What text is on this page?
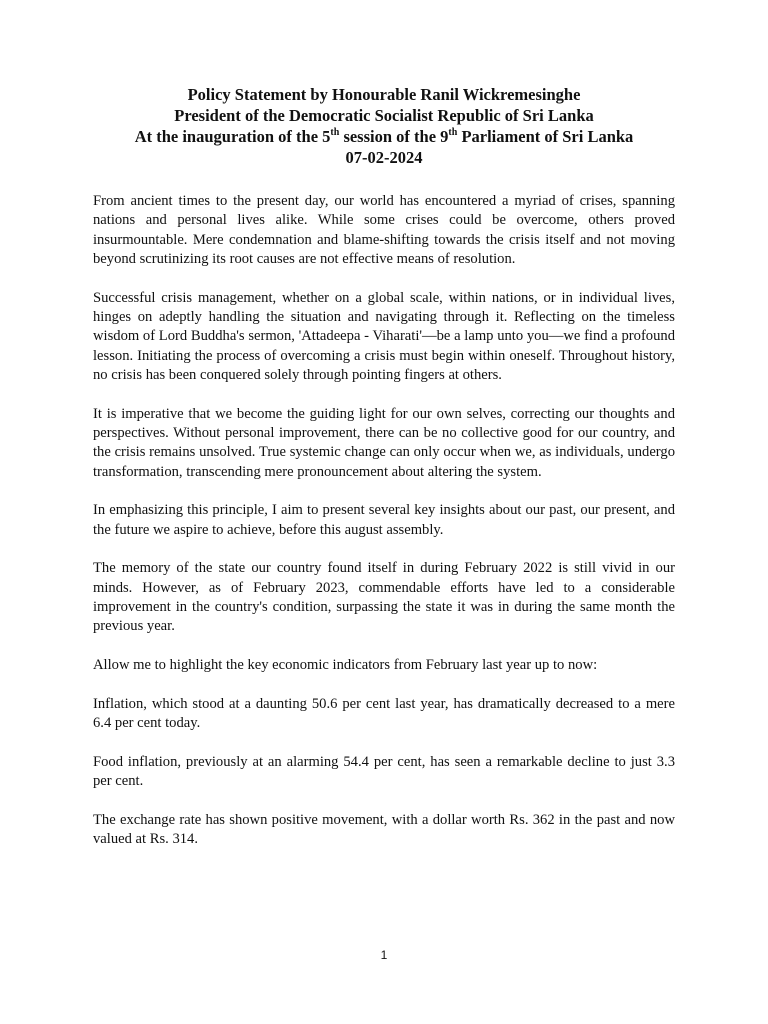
Policy Statement by Honourable Ranil Wickremesinghe
President of the Democratic Socialist Republic of Sri Lanka
At the inauguration of the 5th session of the 9th Parliament of Sri Lanka
07-02-2024

From ancient times to the present day, our world has encountered a myriad of crises, spanning nations and personal lives alike. While some crises could be overcome, others proved insurmountable. Mere condemnation and blame-shifting towards the crisis itself and not moving beyond scrutinizing its root causes are not effective means of resolution.

Successful crisis management, whether on a global scale, within nations, or in individual lives, hinges on adeptly handling the situation and navigating through it. Reflecting on the timeless wisdom of Lord Buddha's sermon, 'Attadeepa - Viharati'—be a lamp unto you—we find a profound lesson. Initiating the process of overcoming a crisis must begin within oneself. Throughout history, no crisis has been conquered solely through pointing fingers at others.

It is imperative that we become the guiding light for our own selves, correcting our thoughts and perspectives. Without personal improvement, there can be no collective good for our country, and the crisis remains unsolved. True systemic change can only occur when we, as individuals, undergo transformation, transcending mere pronouncement about altering the system.

In emphasizing this principle, I aim to present several key insights about our past, our present, and the future we aspire to achieve, before this august assembly.

The memory of the state our country found itself in during February 2022 is still vivid in our minds. However, as of February 2023, commendable efforts have led to a considerable improvement in the country's condition, surpassing the state it was in during the same month the previous year.

Allow me to highlight the key economic indicators from February last year up to now:

Inflation, which stood at a daunting 50.6 per cent last year, has dramatically decreased to a mere 6.4 per cent today.

Food inflation, previously at an alarming 54.4 per cent, has seen a remarkable decline to just 3.3 per cent.

The exchange rate has shown positive movement, with a dollar worth Rs. 362 in the past and now valued at Rs. 314.

1
